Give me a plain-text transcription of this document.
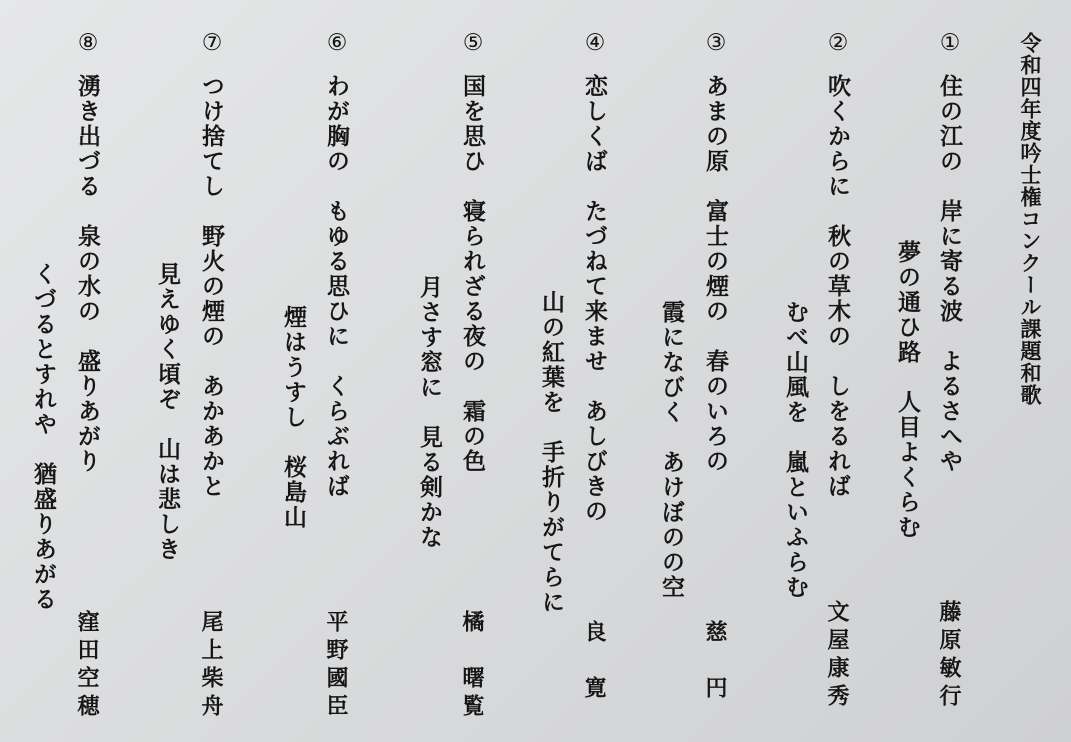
令和四年度吟士権コンクール課題和歌
①
住の江の　岸に寄る波　よるさへや
夢の通ひ路　人目よくらむ
藤原敏行
②
吹くからに　秋の草木の　しをるれば
むべ山風を　嵐といふらむ
文屋康秀
③
あまの原　富士の煙の　春のいろの
霞になびく　あけぼのの空
慈　円
④
恋しくば　たづねて来ませ　あしびきの
山の紅葉を　手折りがてらに
良　寛
⑤
国を思ひ　寝られざる夜の　霜の色
月さす窓に　見る剣かな
橘　曙覧
⑥
わが胸の　もゆる思ひに　くらぶれば
煙はうすし　桜島山
平野國臣
⑦
つけ捨てし　野火の煙の　あかあかと
見えゆく頃ぞ　山は悲しき
尾上柴舟
⑧
湧き出づる　泉の水の　盛りあがり
くづるとすれや　猶盛りあがる
窪田空穂
